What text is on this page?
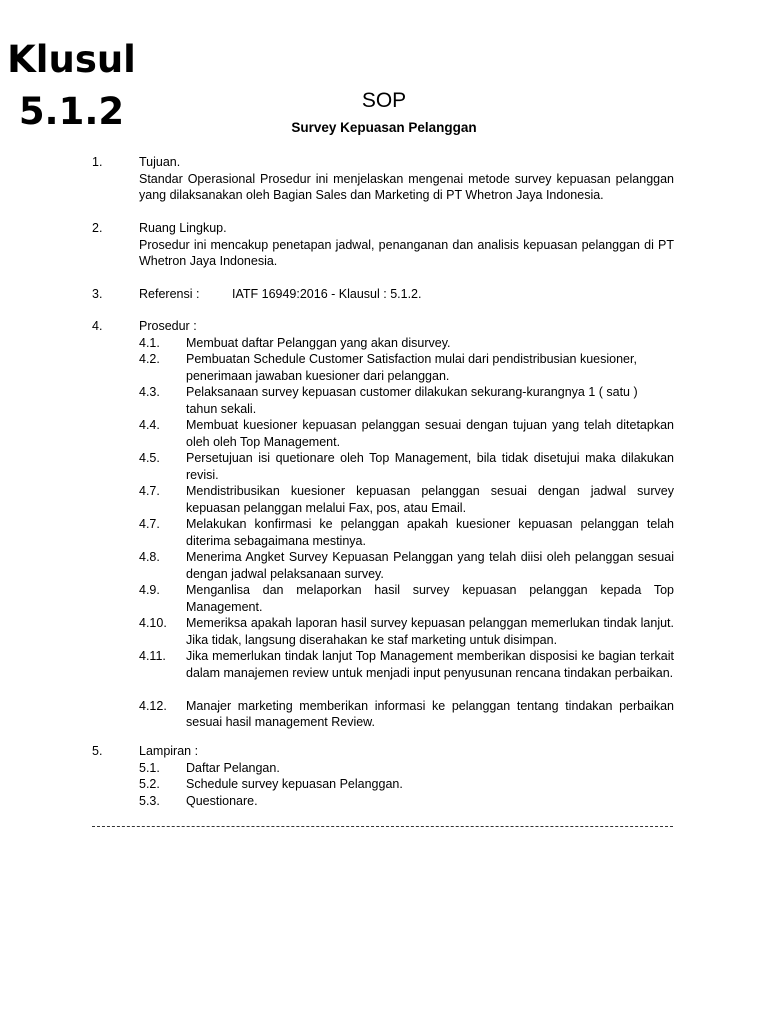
Klusul
5.1.2	SOP
Survey Kepuasan Pelanggan
1.	Tujuan.
Standar Operasional Prosedur ini menjelaskan mengenai metode survey kepuasan pelanggan yang dilaksanakan oleh Bagian Sales dan Marketing di PT Whetron Jaya Indonesia.
2.	Ruang Lingkup.
Prosedur ini mencakup penetapan jadwal, penanganan dan analisis kepuasan pelanggan di PT Whetron Jaya Indonesia.
3.	Referensi :	IATF 16949:2016 - Klausul : 5.1.2.
4.	Prosedur :
4.1. Membuat daftar Pelanggan yang akan disurvey.
4.2. Pembuatan Schedule Customer Satisfaction mulai dari pendistribusian kuesioner, penerimaan jawaban kuesioner dari pelanggan.
4.3. Pelaksanaan survey kepuasan customer dilakukan sekurang-kurangnya 1 ( satu ) tahun sekali.
4.4. Membuat kuesioner kepuasan pelanggan sesuai dengan tujuan yang telah ditetapkan oleh oleh Top Management.
4.5. Persetujuan isi quetionare oleh Top Management, bila tidak disetujui maka dilakukan revisi.
4.7. Mendistribusikan kuesioner kepuasan pelanggan sesuai dengan jadwal survey kepuasan pelanggan melalui Fax, pos, atau Email.
4.7. Melakukan konfirmasi ke pelanggan apakah kuesioner kepuasan pelanggan telah diterima sebagaimana mestinya.
4.8. Menerima Angket Survey Kepuasan Pelanggan yang telah diisi oleh pelanggan sesuai dengan jadwal pelaksanaan survey.
4.9. Menganlisa dan melaporkan hasil survey kepuasan pelanggan kepada Top Management.
4.10. Memeriksa apakah laporan hasil survey kepuasan pelanggan memerlukan tindak lanjut. Jika tidak, langsung diserahakan ke staf marketing untuk disimpan.
4.11. Jika memerlukan tindak lanjut Top Management memberikan disposisi ke bagian terkait dalam manajemen review untuk menjadi input penyusunan rencana tindakan perbaikan.
4.12. Manajer marketing memberikan informasi ke pelanggan tentang tindakan perbaikan sesuai hasil management Review.
5.	Lampiran :
5.1. Daftar Pelangan.
5.2. Schedule survey kepuasan Pelanggan.
5.3. Questionare.
